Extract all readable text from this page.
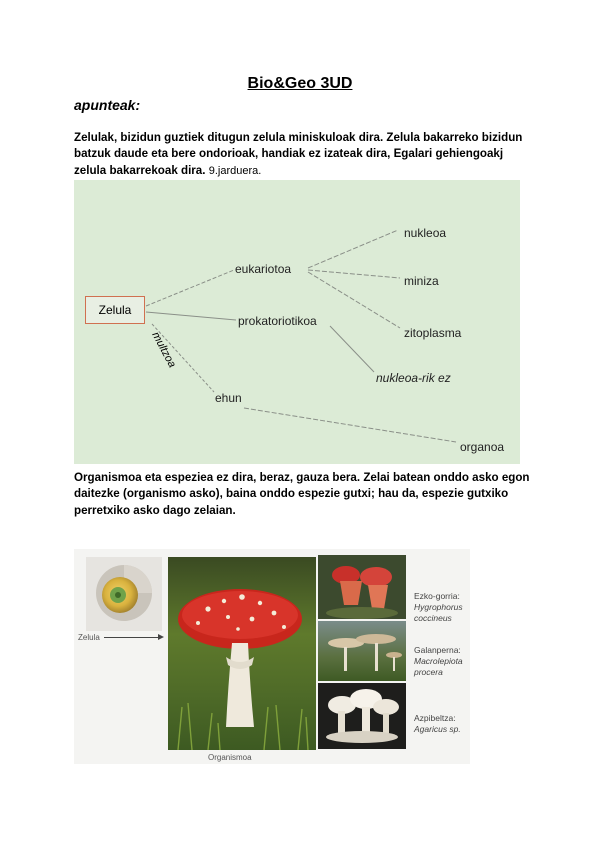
Bio&Geo 3UD
apunteak:
Zelulak, bizidun guztiek ditugun zelula miniskuloak dira. Zelula bakarreko bizidun batzuk daude eta bere ondorioak, handiak ez izateak dira, Egalari gehiengoakj zelula bakarrekoak dira. 9.jarduera.
Zelula
multzoa
eukariotoa
prokatoriotikoa
ehun
nukleoa
miniza
zitoplasma
nukleoa-rik ez
organoa
Organismoa eta espeziea ez dira, beraz, gauza bera. Zelai batean onddo asko egon daitezke (organismo asko), baina onddo espezie gutxi; hau da, espezie gutxiko perretxiko asko dago zelaian.
Zelula
Organismoa
Ezko-gorria:
Hygrophorus
coccineus
Galanperna:
Macrolepiota
procera
Azpibeltza:
Agaricus sp.
